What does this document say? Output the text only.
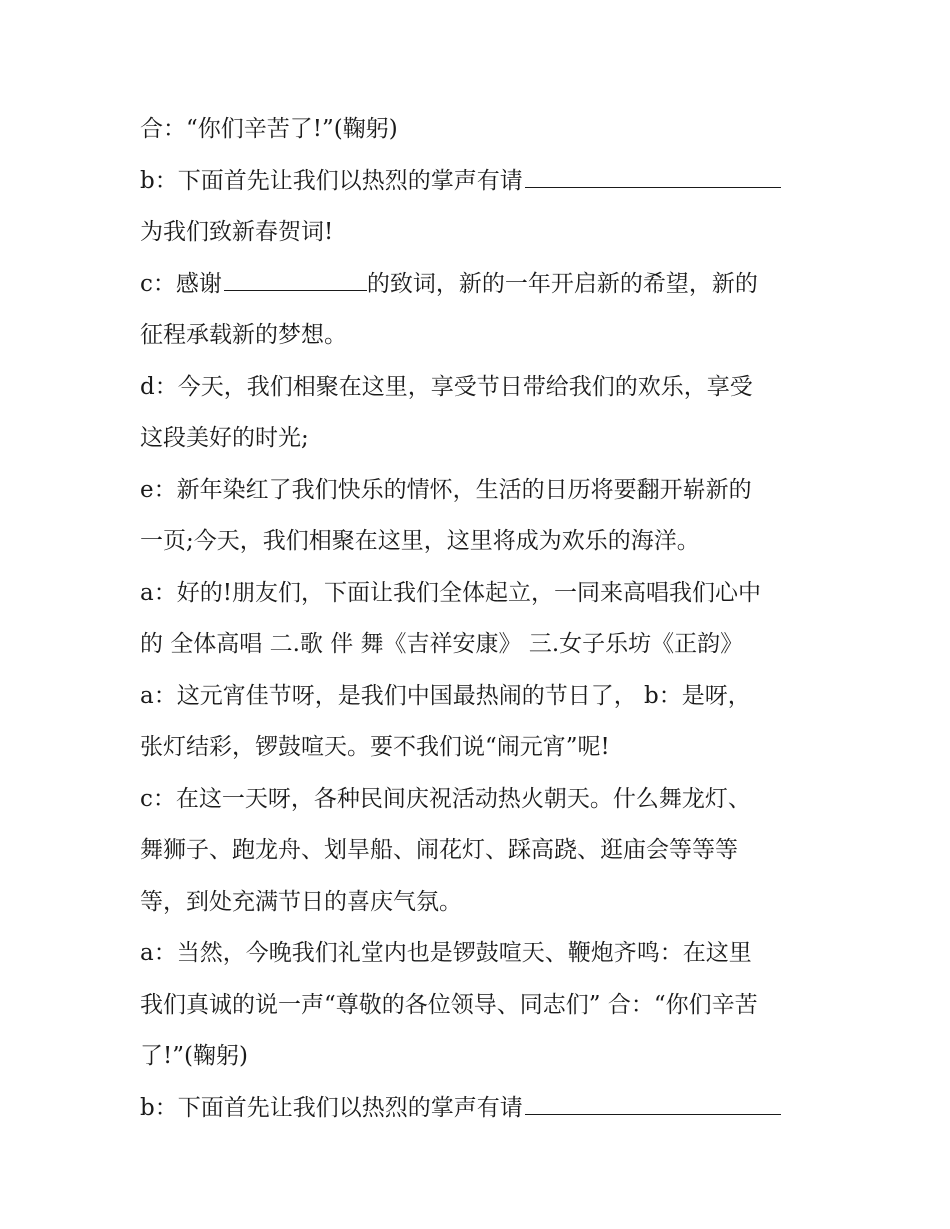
合：“你们辛苦了!”(鞠躬)
b：下面首先让我们以热烈的掌声有请
为我们致新春贺词!
c：感谢	的致词，新的一年开启新的希望，新的
征程承载新的梦想。
d：今天，我们相聚在这里，享受节日带给我们的欢乐，享受
这段美好的时光;
e：新年染红了我们快乐的情怀，生活的日历将要翻开崭新的
一页;今天，我们相聚在这里，这里将成为欢乐的海洋。
a：好的!朋友们，下面让我们全体起立，一同来高唱我们心中
的 全体高唱 二.歌 伴 舞《吉祥安康》 三.女子乐坊《正韵》
a：这元宵佳节呀，是我们中国最热闹的节日了， b：是呀，
张灯结彩，锣鼓喧天。要不我们说“闹元宵”呢!
c：在这一天呀，各种民间庆祝活动热火朝天。什么舞龙灯、
舞狮子、跑龙舟、划旱船、闹花灯、踩高跷、逛庙会等等等
等，到处充满节日的喜庆气氛。
a：当然，今晚我们礼堂内也是锣鼓喧天、鞭炮齐鸣：在这里
我们真诚的说一声“尊敬的各位领导、同志们” 合：“你们辛苦
了!”(鞠躬)
b：下面首先让我们以热烈的掌声有请
